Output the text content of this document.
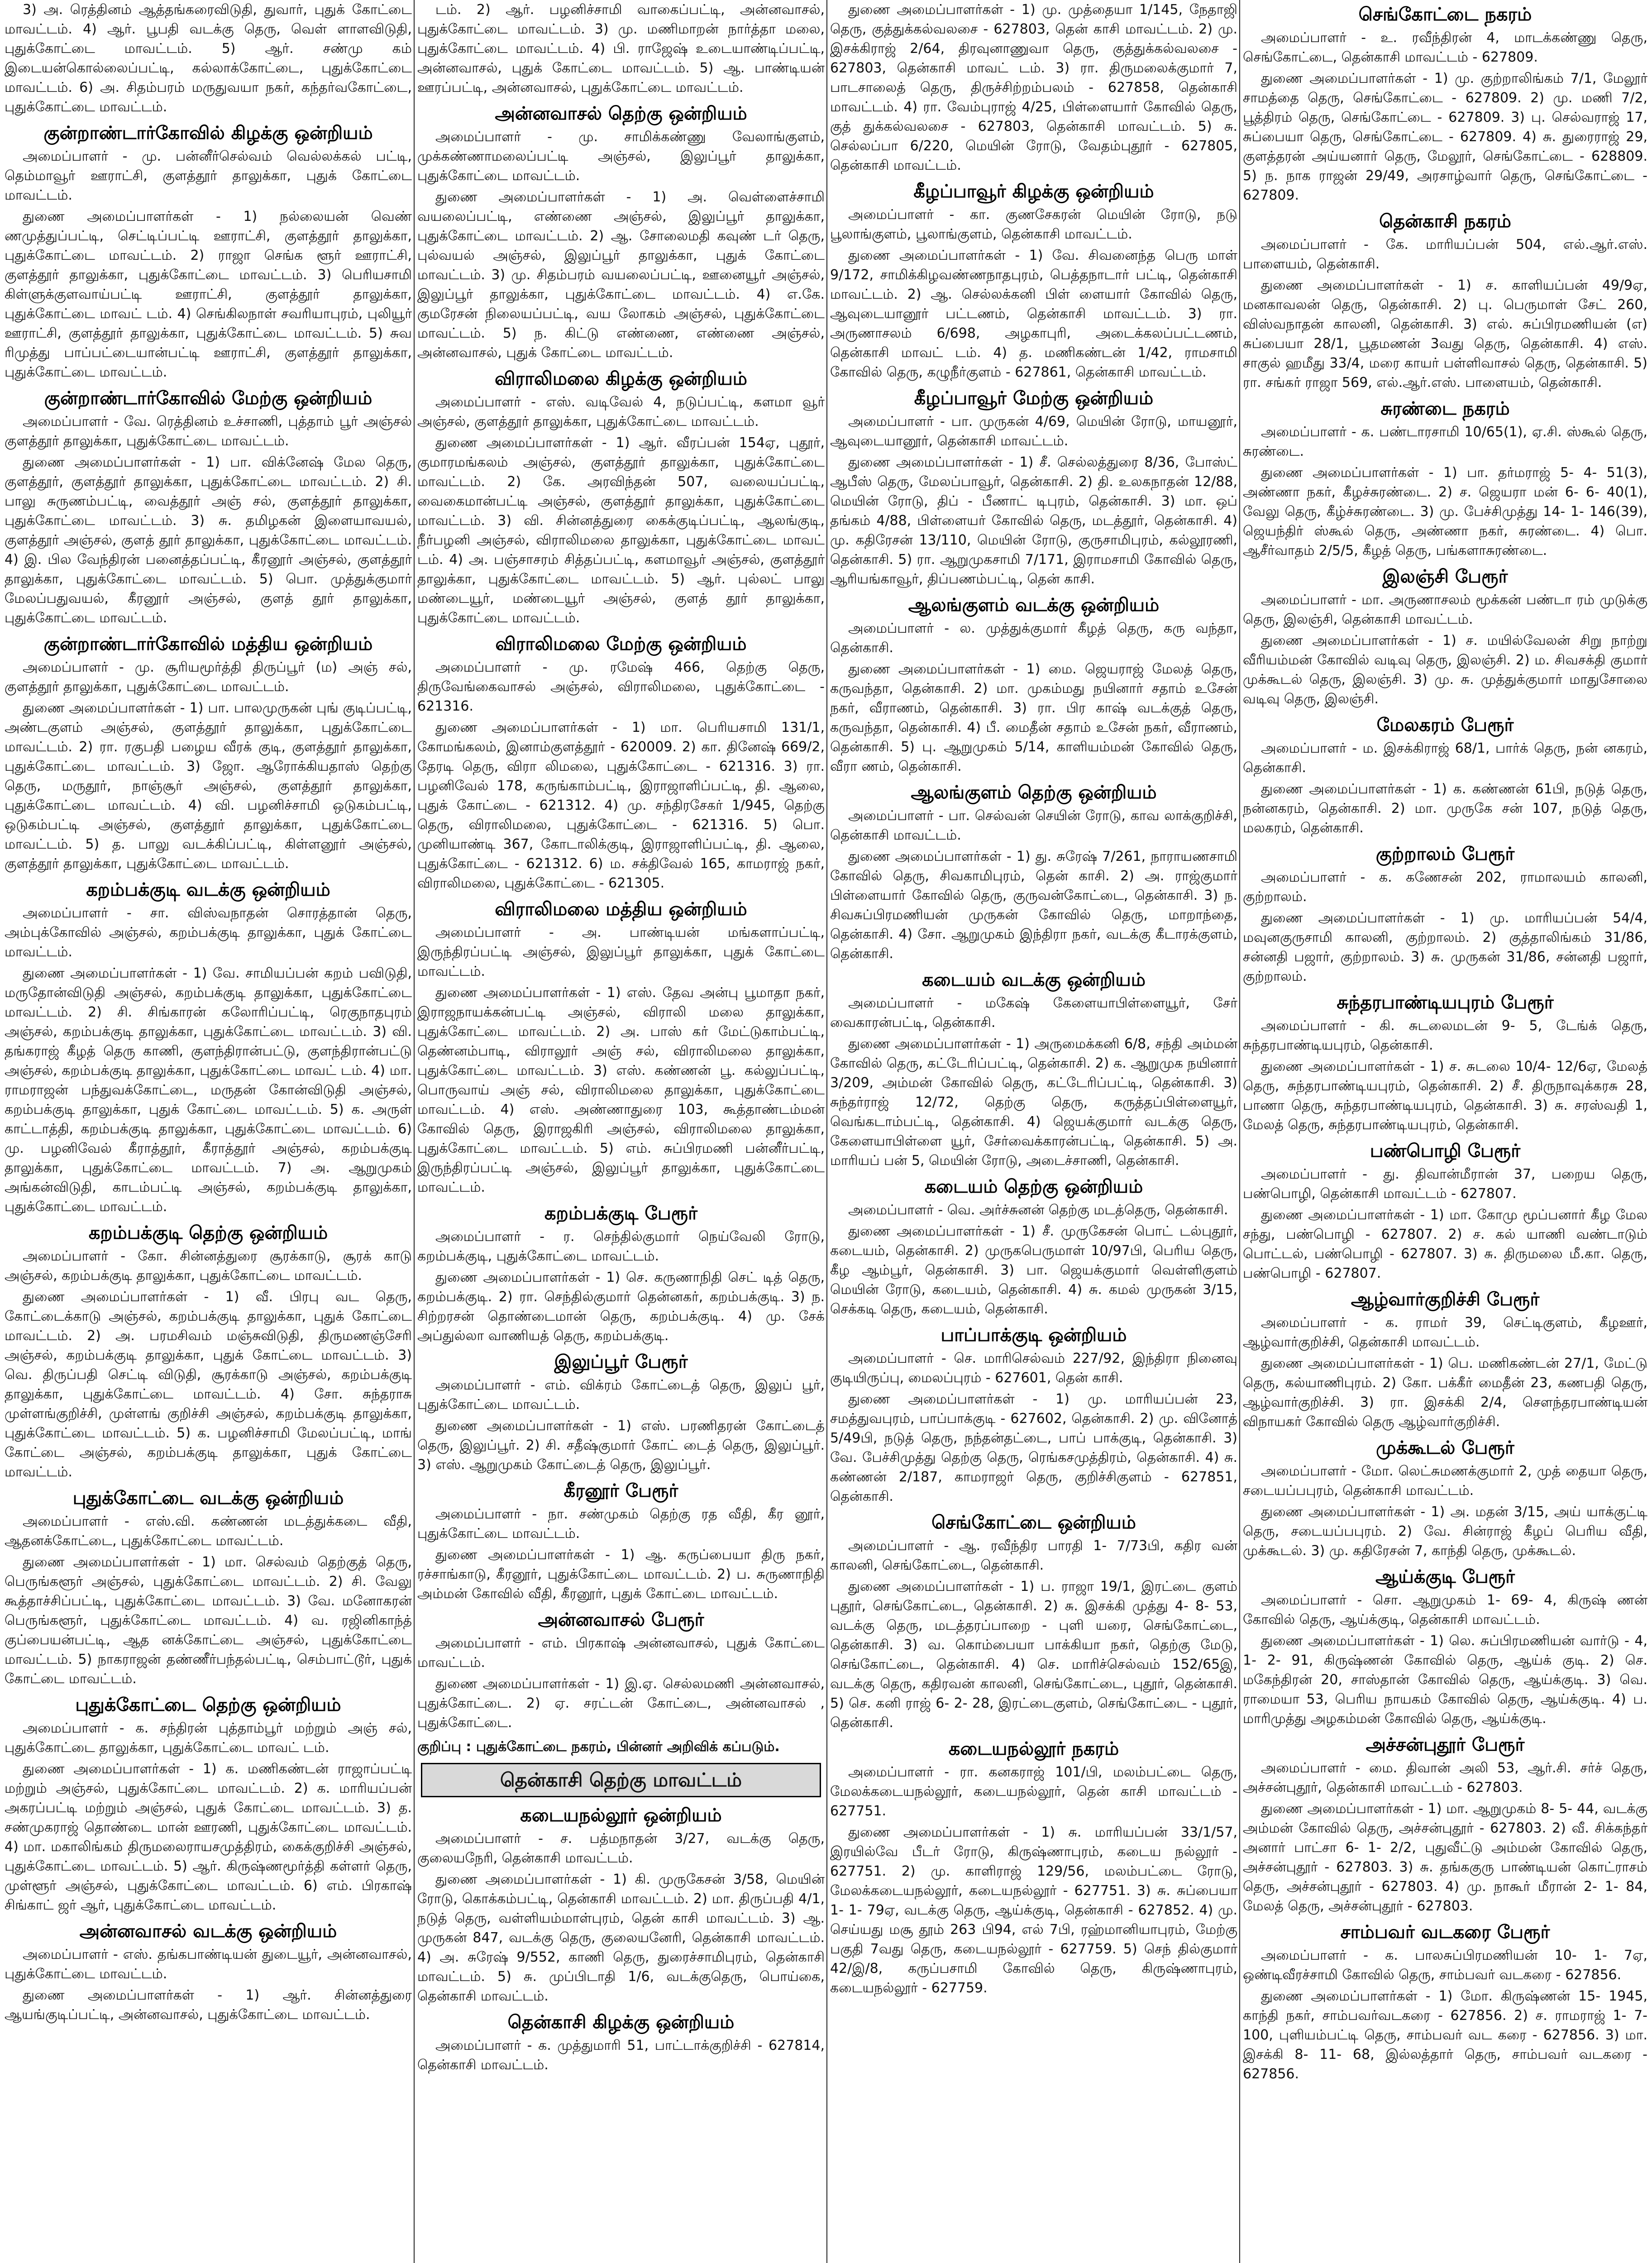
3) அ. ரெத்தினம் ஆத்தங்கரைவிடுதி, துவார், புதுக் கோட்டை மாவட்டம். 4) ஆர். பூபதி வடக்கு தெரு, வெள் ளாளவிடுதி, புதுக்கோட்டை மாவட்டம். 5) ஆர். சண்மு கம் இடையன்கொல்லைப்பட்டி, கல்லாக்கோட்டை, புதுக்கோட்டை மாவட்டம். 6) அ. சிதம்பரம் மருதுவயா நகர், கந்தர்வகோட்டை, புதுக்கோட்டை மாவட்டம்.

குன்றாண்டார்கோவில் கிழக்கு ஒன்றியம்

அமைப்பாளர் - மு. பன்னீர்செல்வம் வெல்லக்கல் பட்டி, தெம்மாவூர் ஊராட்சி, குளத்தூர் தாலுக்கா, புதுக் கோட்டை மாவட்டம்.

துணை அமைப்பாளர்கள் - 1) நல்லையன் வெண் ணமுத்துப்பட்டி, செட்டிப்பட்டி ஊராட்சி, குளத்தூர் தாலுக்கா, புதுக்கோட்டை மாவட்டம். 2) ராஜா செங்க ளூர் ஊராட்சி, குளத்தூர் தாலுக்கா, புதுக்கோட்டை மாவட்டம். 3) பெரியசாமி கிள்ளுக்குளவாய்பட்டி ஊராட்சி, குளத்தூர் தாலுக்கா, புதுக்கோட்டை மாவட் டம். 4) செங்கிலநாள் சவரியாபுரம், புலியூர் ஊராட்சி, குளத்தூர் தாலுக்கா, புதுக்கோட்டை மாவட்டம். 5) சுவ ரிமுத்து பாப்பட்டையான்பட்டி ஊராட்சி, குளத்தூர் தாலுக்கா, புதுக்கோட்டை மாவட்டம்.

குன்றாண்டார்கோவில் மேற்கு ஒன்றியம்

அமைப்பாளர் - வே. ரெத்தினம் உச்சாணி, புத்தாம் பூர் அஞ்சல் குளத்தூர் தாலுக்கா, புதுக்கோட்டை மாவட்டம்.

துணை அமைப்பாளர்கள் - 1) பா. விக்னேஷ் மேல தெரு, குளத்தூர், குளத்தூர் தாலுக்கா, புதுக்கோட்டை மாவட்டம். 2) சி. பாலு சுருணம்பட்டி, வைத்தூர் அஞ் சல், குளத்தூர் தாலுக்கா, புதுக்கோட்டை மாவட்டம். 3) சு. தமிழகன் இளையாவயல், குளத்தூர் அஞ்சல், குளத் தூர் தாலுக்கா, புதுக்கோட்டை மாவட்டம். 4) இ. பில வேந்திரன் பனைத்தப்பட்டி, கீரனூர் அஞ்சல், குளத்தூர் தாலுக்கா, புதுக்கோட்டை மாவட்டம். 5) பொ. முத்துக்குமார் மேலப்பதுவயல், கீரனூர் அஞ்சல், குளத் தூர் தாலுக்கா, புதுக்கோட்டை மாவட்டம்.

குன்றாண்டார்கோவில் மத்திய ஒன்றியம்

அமைப்பாளர் - மு. சூரியமூர்த்தி திருப்பூர் (ம) அஞ் சல், குளத்தூர் தாலுக்கா, புதுக்கோட்டை மாவட்டம்.

துணை அமைப்பாளர்கள் - 1) பா. பாலமுருகன் புங் குடிப்பட்டி, அண்டகுளம் அஞ்சல், குளத்தூர் தாலுக்கா, புதுக்கோட்டை மாவட்டம். 2) ரா. ரகுபதி பழைய வீரக் குடி, குளத்தூர் தாலுக்கா, புதுக்கோட்டை மாவட்டம். 3) ஜோ. ஆரோக்கியதாஸ் தெற்கு தெரு, மருதூர், நாஞ்சூர் அஞ்சல், குளத்தூர் தாலுக்கா, புதுக்கோட்டை மாவட்டம். 4) வி. பழனிச்சாமி ஒடுகம்பட்டி, ஒடுகம்பட்டி அஞ்சல், குளத்தூர் தாலுக்கா, புதுக்கோட்டை மாவட்டம். 5) த. பாலு வடக்கிப்பட்டி, கிள்ளனூர் அஞ்சல், குளத்தூர் தாலுக்கா, புதுக்கோட்டை மாவட்டம்.

கறம்பக்குடி வடக்கு ஒன்றியம்

அமைப்பாளர் - சா. விஸ்வநாதன் சொரத்தான் தெரு, அம்புக்கோவில் அஞ்சல், கறம்பக்குடி தாலுக்கா, புதுக் கோட்டை மாவட்டம்.

துணை அமைப்பாளர்கள் - 1) வே. சாமியப்பன் கறம் பவிடுதி, மருதோன்விடுதி அஞ்சல், கறம்பக்குடி தாலுக்கா, புதுக்கோட்டை மாவட்டம். 2) சி. சிங்காரன் கலோரிப்பட்டி, ரெகுநாதபுரம் அஞ்சல், கறம்பக்குடி தாலுக்கா, புதுக்கோட்டை மாவட்டம். 3) வி. தங்கராஜ் கீழத் தெரு காணி, குளந்திரான்பட்டு, குளந்திரான்பட்டு அஞ்சல், கறம்பக்குடி தாலுக்கா, புதுக்கோட்டை மாவட் டம். 4) மா. ராமராஜன் பந்துவக்கோட்டை, மருதன் கோன்விடுதி அஞ்சல், கறம்பக்குடி தாலுக்கா, புதுக் கோட்டை மாவட்டம். 5) க. அருள் காட்டாத்தி, கறம்பக்குடி தாலுக்கா, புதுக்கோட்டை மாவட்டம். 6) மு. பழனிவேல் கீராத்தூர், கீராத்தூர் அஞ்சல், கறம்பக்குடி தாலுக்கா, புதுக்கோட்டை மாவட்டம். 7) அ. ஆறுமுகம் அங்கன்விடுதி, காடம்பட்டி அஞ்சல், கறம்பக்குடி தாலுக்கா, புதுக்கோட்டை மாவட்டம்.

கறம்பக்குடி தெற்கு ஒன்றியம்

அமைப்பாளர் - கோ. சின்னத்துரை சூரக்காடு, சூரக் காடு அஞ்சல், கறம்பக்குடி தாலுக்கா, புதுக்கோட்டை மாவட்டம்.

துணை அமைப்பாளர்கள் - 1) வீ. பிரபு வட தெரு, கோட்டைக்காடு அஞ்சல், கறம்பக்குடி தாலுக்கா, புதுக் கோட்டை மாவட்டம். 2) அ. பரமசிவம் மஞ்சுவிடுதி, திருமணஞ்சேரி அஞ்சல், கறம்பக்குடி தாலுக்கா, புதுக் கோட்டை மாவட்டம். 3) வெ. திருப்பதி செட்டி விடுதி, சூரக்காடு அஞ்சல், கறம்பக்குடி தாலுக்கா, புதுக்கோட்டை மாவட்டம். 4) சோ. சுந்தராசு முள்ளங்குறிச்சி, முள்ளங் குறிச்சி அஞ்சல், கறம்பக்குடி தாலுக்கா, புதுக்கோட்டை மாவட்டம். 5) க. பழனிச்சாமி மேலப்பட்டி, மாங் கோட்டை அஞ்சல், கறம்பக்குடி தாலுக்கா, புதுக் கோட்டை மாவட்டம்.

புதுக்கோட்டை வடக்கு ஒன்றியம்

அமைப்பாளர் - எஸ்.வி. கண்ணன் மடத்துக்கடை வீதி, ஆதனக்கோட்டை, புதுக்கோட்டை மாவட்டம்.

துணை அமைப்பாளர்கள் - 1) மா. செல்வம் தெற்குத் தெரு, பெருங்களூர் அஞ்சல், புதுக்கோட்டை மாவட்டம். 2) சி. வேலு கூத்தாச்சிப்பட்டி, புதுக்கோட்டை மாவட்டம். 3) வே. மனோகரன் பெருங்களூர், புதுக்கோட்டை மாவட்டம். 4) வ. ரஜினிகாந்த் குப்பையன்பட்டி, ஆத னக்கோட்டை அஞ்சல், புதுக்கோட்டை மாவட்டம். 5) நாகராஜன் தண்ணீர்பந்தல்பட்டி, செம்பாட்டூர், புதுக் கோட்டை மாவட்டம்.

புதுக்கோட்டை தெற்கு ஒன்றியம்

அமைப்பாளர் - க. சந்திரன் புத்தாம்பூர் மற்றும் அஞ் சல், புதுக்கோட்டை தாலுக்கா, புதுக்கோட்டை மாவட் டம்.

துணை அமைப்பாளர்கள் - 1) க. மணிகண்டன் ராஜாப்பட்டி மற்றும் அஞ்சல், புதுக்கோட்டை மாவட்டம். 2) க. மாரியப்பன் அகரப்பட்டி மற்றும் அஞ்சல், புதுக் கோட்டை மாவட்டம். 3) த. சண்முகராஜ் தொண்டை மான் ஊரணி, புதுக்கோட்டை மாவட்டம். 4) மா. மகாலிங்கம் திருமலைராயசமுத்திரம், கைக்குறிச்சி அஞ்சல், புதுக்கோட்டை மாவட்டம். 5) ஆர். கிருஷ்ணமூர்த்தி கள்ளர் தெரு, முள்ளூர் அஞ்சல், புதுக்கோட்டை மாவட்டம். 6) எம். பிரகாஷ் சிங்காட் ஜர் ஆர், புதுக்கோட்டை மாவட்டம்.

அன்னவாசல் வடக்கு ஒன்றியம்

அமைப்பாளர் - எஸ். தங்கபாண்டியன் துடையூர், அன்னவாசல், புதுக்கோட்டை மாவட்டம்.

துணை அமைப்பாளர்கள் - 1) ஆர். சின்னத்துரை ஆயங்குடிப்பட்டி, அன்னவாசல், புதுக்கோட்டை மாவட்டம்.

டம். 2) ஆர். பழனிச்சாமி வாகைப்பட்டி, அன்னவாசல், புதுக்கோட்டை மாவட்டம். 3) மு. மணிமாறன் நார்த்தா மலை, புதுக்கோட்டை மாவட்டம். 4) பி. ராஜேஷ் உடையாண்டிப்பட்டி, அன்னவாசல், புதுக் கோட்டை மாவட்டம். 5) ஆ. பாண்டியன் ஊரப்பட்டி, அன்னவாசல், புதுக்கோட்டை மாவட்டம்.

அன்னவாசல் தெற்கு ஒன்றியம்

அமைப்பாளர் - மு. சாமிக்கண்ணு வேலாங்குளம், முக்கண்ணாமலைப்பட்டி அஞ்சல், இலுப்பூர் தாலுக்கா, புதுக்கோட்டை மாவட்டம்.

துணை அமைப்பாளர்கள் - 1) அ. வெள்ளைச்சாமி வயலைப்பட்டி, எண்ணை அஞ்சல், இலுப்பூர் தாலுக்கா, புதுக்கோட்டை மாவட்டம். 2) ஆ. சோலைமதி கவுண் டர் தெரு, புல்வயல் அஞ்சல், இலுப்பூர் தாலுக்கா, புதுக் கோட்டை மாவட்டம். 3) மு. சிதம்பரம் வயலைப்பட்டி, ஊனையூர் அஞ்சல், இலுப்பூர் தாலுக்கா, புதுக்கோட்டை மாவட்டம். 4) எ.கே. குமரேசன் நிலையப்பட்டி, வய லோகம் அஞ்சல், புதுக்கோட்டை மாவட்டம். 5) ந. கிட்டு எண்ணை, எண்ணை அஞ்சல், அன்னவாசல், புதுக் கோட்டை மாவட்டம்.

விராலிமலை கிழக்கு ஒன்றியம்

அமைப்பாளர் - எஸ். வடிவேல் 4, நடுப்பட்டி, களமா வூர் அஞ்சல், குளத்தூர் தாலுக்கா, புதுக்கோட்டை மாவட்டம்.

துணை அமைப்பாளர்கள் - 1) ஆர். வீரப்பன் 154ஏ, புதூர், குமாரமங்கலம் அஞ்சல், குளத்தூர் தாலுக்கா, புதுக்கோட்டை மாவட்டம். 2) கே. அரவிந்தன் 507, வலையப்பட்டி, வைகைமான்பட்டி அஞ்சல், குளத்தூர் தாலுக்கா, புதுக்கோட்டை மாவட்டம். 3) வி. சின்னத்துரை கைக்குடிப்பட்டி, ஆலங்குடி, நீர்பழனி அஞ்சல், விராலிமலை தாலுக்கா, புதுக்கோட்டை மாவட் டம். 4) அ. பஞ்சாசரம் சித்தப்பட்டி, களமாவூர் அஞ்சல், குளத்தூர் தாலுக்கா, புதுக்கோட்டை மாவட்டம். 5) ஆர். புல்லட் பாலு மண்டையூர், மண்டையூர் அஞ்சல், குளத் தூர் தாலுக்கா, புதுக்கோட்டை மாவட்டம்.

விராலிமலை மேற்கு ஒன்றியம்

அமைப்பாளர் - மு. ரமேஷ் 466, தெற்கு தெரு, திருவேங்கைவாசல் அஞ்சல், விராலிமலை, புதுக்கோட்டை - 621316.

துணை அமைப்பாளர்கள் - 1) மா. பெரியசாமி 131/1, கோமங்கலம், இனாம்குளத்தூர் - 620009. 2) கா. தினேஷ் 669/2, தேரடி தெரு, விரா லிமலை, புதுக்கோட்டை - 621316. 3) ரா. பழனிவேல் 178, கருங்காம்பட்டி, இராஜாளிப்பட்டி, தி. ஆலை, புதுக் கோட்டை - 621312. 4) மு. சந்திரசேகர் 1/945, தெற்கு தெரு, விராலிமலை, புதுக்கோட்டை - 621316. 5) பொ. முனியாண்டி 367, கோடாலிக்குடி, இராஜாளிப்பட்டி, தி. ஆலை, புதுக்கோட்டை - 621312. 6) ம. சக்திவேல் 165, காமராஜ் நகர், விராலிமலை, புதுக்கோட்டை - 621305.

விராலிமலை மத்திய ஒன்றியம்

அமைப்பாளர் - அ. பாண்டியன் மங்களாப்பட்டி, இருந்திரப்பட்டி அஞ்சல், இலுப்பூர் தாலுக்கா, புதுக் கோட்டை மாவட்டம்.

துணை அமைப்பாளர்கள் - 1) எஸ். தேவ அன்பு பூமாதா நகர், இராஜநாயக்கன்பட்டி அஞ்சல், விராலி மலை தாலுக்கா, புதுக்கோட்டை மாவட்டம். 2) அ. பாஸ் கர் மேட்டுகாம்பட்டி, தெண்னம்பாடி, விராலூர் அஞ் சல், விராலிமலை தாலுக்கா, புதுக்கோட்டை மாவட்டம். 3) எஸ். கண்ணன் பூ. கல்லுப்பட்டி, பொருவாய் அஞ் சல், விராலிமலை தாலுக்கா, புதுக்கோட்டை மாவட்டம். 4) எஸ். அண்ணாதுரை 103, கூத்தாண்டம்மன் கோவில் தெரு, இராஜகிரி அஞ்சல், விராலிமலை தாலுக்கா, புதுக்கோட்டை மாவட்டம். 5) எம். சுப்பிரமணி பன்னீர்பட்டி, இருந்திரப்பட்டி அஞ்சல், இலுப்பூர் தாலுக்கா, புதுக்கோட்டை மாவட்டம்.

கறம்பக்குடி பேரூர்

அமைப்பாளர் - ர. செந்தில்குமார் நெய்வேலி ரோடு, கறம்பக்குடி, புதுக்கோட்டை மாவட்டம்.

துணை அமைப்பாளர்கள் - 1) செ. கருணாநிதி செட் டித் தெரு, கறம்பக்குடி. 2) ரா. செந்தில்குமார் தென்னகர், கறம்பக்குடி. 3) ந. சிற்றரசன் தொண்டைமான் தெரு, கறம்பக்குடி. 4) மு. சேக் அப்துல்லா வாணியத் தெரு, கறம்பக்குடி.

இலுப்பூர் பேரூர்

அமைப்பாளர் - எம். விக்ரம் கோட்டைத் தெரு, இலுப் பூர், புதுக்கோட்டை மாவட்டம்.

துணை அமைப்பாளர்கள் - 1) எஸ். பரணிதரன் கோட்டைத் தெரு, இலுப்பூர். 2) சி. சதீஷ்குமார் கோட் டைத் தெரு, இலுப்பூர். 3) எஸ். ஆறுமுகம் கோட்டைத் தெரு, இலுப்பூர்.

கீரனூர் பேரூர்

அமைப்பாளர் - நா. சண்முகம் தெற்கு ரத வீதி, கீர னூர், புதுக்கோட்டை மாவட்டம்.

துணை அமைப்பாளர்கள் - 1) ஆ. கருப்பையா திரு நகர், ரச்சாங்காடு, கீரனூர், புதுக்கோட்டை மாவட்டம். 2) ப. சுருணாநிதி அம்மன் கோவில் வீதி, கீரனூர், புதுக் கோட்டை மாவட்டம்.

அன்னவாசல் பேரூர்

அமைப்பாளர் - எம். பிரகாஷ் அன்னவாசல், புதுக் கோட்டை மாவட்டம்.

துணை அமைப்பாளர்கள் - 1) இ.ஏ. செல்லமணி அன்னவாசல், புதுக்கோட்டை. 2) ஏ. சரட்டன் கோட்டை, அன்னவாசல் , புதுக்கோட்டை.

குறிப்பு : புதுக்கோட்டை நகரம், பின்னர் அறிவிக் கப்படும்.
தென்காசி தெற்கு மாவட்டம்
கடையநல்லூர் ஒன்றியம்

அமைப்பாளர் - ச. பத்மநாதன் 3/27, வடக்கு தெரு, குலையநேரி, தென்காசி மாவட்டம்.

துணை அமைப்பாளர்கள் - 1) கி. முருகேசன் 3/58, மெயின் ரோடு, கொக்கம்பட்டி, தென்காசி மாவட்டம். 2) மா. திருப்பதி 4/1, நடுத் தெரு, வள்ளியம்மாள்புரம், தென் காசி மாவட்டம். 3) ஆ. முருகன் 847, வடக்கு தெரு, குலையனேரி, தென்காசி மாவட்டம். 4) அ. சுரேஷ் 9/552, காணி தெரு, துரைச்சாமிபுரம், தென்காசி மாவட்டம். 5) சு. முப்பிடாதி 1/6, வடக்குதெரு, பொய்கை, தென்காசி மாவட்டம்.

தென்காசி கிழக்கு ஒன்றியம்

அமைப்பாளர் - க. முத்துமாரி 51, பாட்டாக்குறிச்சி - 627814, தென்காசி மாவட்டம்.

துணை அமைப்பாளர்கள் - 1) மு. முத்தையா 1/145, நேதாஜி தெரு, குத்துக்கல்வலசை - 627803, தென் காசி மாவட்டம். 2) மு. இசக்கிராஜ் 2/64, திரவுனாணுவா தெரு, குத்துக்கல்வலசை - 627803, தென்காசி மாவட் டம். 3) ரா. திருமலைக்குமார் 7, பாடசாலைத் தெரு, திருச்சிற்றம்பலம் - 627858, தென்காசி மாவட்டம். 4) ரா. வேம்புராஜ் 4/25, பிள்ளையார் கோவில் தெரு, குத் துக்கல்வலசை - 627803, தென்காசி மாவட்டம். 5) சு. செல்லப்பா 6/220, மெயின் ரோடு, வேதம்புதூர் - 627805, தென்காசி மாவட்டம்.

கீழப்பாவூர் கிழக்கு ஒன்றியம்

அமைப்பாளர் - கா. குணசேகரன் மெயின் ரோடு, நடு பூலாங்குளம், பூலாங்குளம், தென்காசி மாவட்டம்.

துணை அமைப்பாளர்கள் - 1) வே. சிவனைந்த பெரு மாள் 9/172, சாமிக்கிழவண்ணநாதபுரம், பெத்தநாடார் பட்டி, தென்காசி மாவட்டம். 2) ஆ. செல்லக்கனி பிள் ளையார் கோவில் தெரு, ஆவுடையானூர் பட்டணம், தென்காசி மாவட்டம். 3) ரா. அருணாசலம் 6/698, அழகாபுரி, அடைக்கலப்பட்டணம், தென்காசி மாவட் டம். 4) த. மணிகண்டன் 1/42, ராமசாமி கோவில் தெரு, கழுநீர்குளம் - 627861, தென்காசி மாவட்டம்.

கீழப்பாவூர் மேற்கு ஒன்றியம்

அமைப்பாளர் - பா. முருகன் 4/69, மெயின் ரோடு, மாயனூர், ஆவுடையானூர், தென்காசி மாவட்டம்.

துணை அமைப்பாளர்கள் - 1) சீ. செல்லத்துரை 8/36, போஸ்ட் ஆபீஸ் தெரு, மேலப்பாவூர், தென்காசி. 2) தி. உலகநாதன் 12/88, மெயின் ரோடு, திப் - பீணாட் டிபுரம், தென்காசி. 3) மா. ஒப் தங்கம் 4/88, பிள்ளையர் கோவில் தெரு, மடத்தூர், தென்காசி. 4) மு. கதிரேசன் 13/110, மெயின் ரோடு, குருசாமிபுரம், கல்லூரணி, தென்காசி. 5) ரா. ஆறுமுகசாமி 7/171, இராமசாமி கோவில் தெரு, ஆரியங்காவூர், திப்பணம்பட்டி, தென் காசி.

ஆலங்குளம் வடக்கு ஒன்றியம்

அமைப்பாளர் - ல. முத்துக்குமார் கீழத் தெரு, கரு வந்தா, தென்காசி.

துணை அமைப்பாளர்கள் - 1) மை. ஜெயராஜ் மேலத் தெரு, கருவந்தா, தென்காசி. 2) மா. முகம்மது நயினார் சதாம் உசேன் நகர், வீராணம், தென்காசி. 3) ரா. பிர காஷ் வடக்குத் தெரு, கருவந்தா, தென்காசி. 4) பீ. மைதீன் சதாம் உசேன் நகர், வீராணம், தென்காசி. 5) பு. ஆறுமுகம் 5/14, காளியம்மன் கோவில் தெரு, வீரா ணம், தென்காசி.

ஆலங்குளம் தெற்கு ஒன்றியம்

அமைப்பாளர் - பா. செல்வன் செயின் ரோடு, காவ லாக்குறிச்சி, தென்காசி மாவட்டம்.

துணை அமைப்பாளர்கள் - 1) து. சுரேஷ் 7/261, நாராயணசாமி கோவில் தெரு, சிவகாமிபுரம், தென் காசி. 2) அ. ராஜ்குமார் பிள்ளையார் கோவில் தெரு, குருவன்கோட்டை, தென்காசி. 3) ந. சிவசுப்பிரமணியன் முருகன் கோவில் தெரு, மாறாந்தை, தென்காசி. 4) சோ. ஆறுமுகம் இந்திரா நகர், வடக்கு கீடாரக்குளம், தென்காசி.

கடையம் வடக்கு ஒன்றியம்

அமைப்பாளர் - மகேஷ் கேளையாபிள்ளையூர், சேர் வைகாரன்பட்டி, தென்காசி.

துணை அமைப்பாளர்கள் - 1) அருமைக்கனி 6/8, சந்தி அம்மன் கோவில் தெரு, கட்டேரிப்பட்டி, தென்காசி. 2) க. ஆறுமுக நயினார் 3/209, அம்மன் கோவில் தெரு, கட்டேரிப்பட்டி, தென்காசி. 3) சுந்தர்ராஜ் 12/72, தெற்கு தெரு, கருத்தப்பிள்ளையூர், வெங்கடாம்பட்டி, தென்காசி. 4) ஜெயக்குமார் வடக்கு தெரு, கேளையாபிள்ளை யூர், சேர்வைக்காரன்பட்டி, தென்காசி. 5) அ. மாரியப் பன் 5, மெயின் ரோடு, அடைச்சாணி, தென்காசி.

கடையம் தெற்கு ஒன்றியம்

அமைப்பாளர் - வெ. அர்ச்சுனன் தெற்கு மடத்தெரு, தென்காசி.

துணை அமைப்பாளர்கள் - 1) சீ. முருகேசன் பொட் டல்புதூர், கடையம், தென்காசி. 2) முருகபெருமாள் 10/97பி, பெரிய தெரு, கீழ ஆம்பூர், தென்காசி. 3) பா. ஜெயக்குமார் வெள்ளிகுளம் மெயின் ரோடு, கடையம், தென்காசி. 4) சு. கமல் முருகன் 3/15, செக்கடி தெரு, கடையம், தென்காசி.

பாப்பாக்குடி ஒன்றியம்

அமைப்பாளர் - செ. மாரிசெல்வம் 227/92, இந்திரா நினைவு குடியிருப்பு, மைலப்புரம் - 627601, தென் காசி.

துணை அமைப்பாளர்கள் - 1) மு. மாரியப்பன் 23, சமத்துவபுரம், பாப்பாக்குடி - 627602, தென்காசி. 2) மு. வினோத் 5/49பி, நடுத் தெரு, நந்தன்தட்டை, பாப் பாக்குடி, தென்காசி. 3) வே. பேச்சிமுத்து தெற்கு தெரு, ரெங்கசமுத்திரம், தென்காசி. 4) சு. கண்ணன் 2/187, காமராஜர் தெரு, குறிச்சிகுளம் - 627851, தென்காசி.

செங்கோட்டை ஒன்றியம்

அமைப்பாளர் - ஆ. ரவீந்திர பாரதி 1- 7/73பி, கதிர வன் காலனி, செங்கோட்டை, தென்காசி.

துணை அமைப்பாளர்கள் - 1) ப. ராஜா 19/1, இரட்டை குளம் புதூர், செங்கோட்டை, தென்காசி. 2) சு. இசக்கி முத்து 4- 8- 53, வடக்கு தெரு, மடத்தரப்பாறை - புளி யரை, செங்கோட்டை, தென்காசி. 3) வ. கொம்பையா பாக்கியா நகர், தெற்கு மேடு, செங்கோட்டை, தென்காசி. 4) செ. மாரிச்செல்வம் 152/65இ, வடக்கு தெரு, கதிரவன் காலனி, செங்கோட்டை, புதூர், தென்காசி. 5) செ. கனி ராஜ் 6- 2- 28, இரட்டைகுளம், செங்கோட்டை - புதூர், தென்காசி.

கடையநல்லூர் நகரம்

அமைப்பாளர் - ரா. கனகராஜ் 101/பி, மலம்பட்டை தெரு, மேலக்கடையநல்லூர், கடையநல்லூர், தென் காசி மாவட்டம் - 627751.

துணை அமைப்பாளர்கள் - 1) சு. மாரியப்பன் 33/1/57, இரயில்வே பீடர் ரோடு, கிருஷ்ணாபுரம், கடைய நல்லூர் - 627751. 2) மு. காளிராஜ் 129/56, மலம்பட்டை ரோடு, மேலக்கடையநல்லூர், கடையநல்லூர் - 627751. 3) சு. சுப்பையா 1- 1- 79ஏ, வடக்கு தெரு, ஆய்க்குடி, தென்காசி - 627852. 4) மு. செய்யது மசூ தூம் 263 பி94, எல் 7பி, ரஹ்மானியாபுரம், மேற்கு பகுதி 7வது தெரு, கடையநல்லூர் - 627759. 5) செந் தில்குமார் 42/இ/8, கருப்பசாமி கோவில் தெரு, கிருஷ்ணாபுரம், கடையநல்லூர் - 627759.

செங்கோட்டை நகரம்

அமைப்பாளர் - உ. ரவீந்திரன் 4, மாடக்கண்ணு தெரு, செங்கோட்டை, தென்காசி மாவட்டம் - 627809.

துணை அமைப்பாளர்கள் - 1) மு. குற்றாலிங்கம் 7/1, மேலூர் சாமத்தை தெரு, செங்கோட்டை - 627809. 2) மு. மணி 7/2, பூத்திரம் தெரு, செங்கோட்டை - 627809. 3) பு. செல்வராஜ் 17, சுப்பையா தெரு, செங்கோட்டை - 627809. 4) சு. துரைராஜ் 29, குளத்தரன் அய்யனார் தெரு, மேலூர், செங்கோட்டை - 628809. 5) ந. நாக ராஜன் 29/49, அரசாழ்வார் தெரு, செங்கோட்டை - 627809.

தென்காசி நகரம்

அமைப்பாளர் - கே. மாரியப்பன் 504, எல்.ஆர்.எஸ். பாளையம், தென்காசி.

துணை அமைப்பாளர்கள் - 1) ச. காளியப்பன் 49/9ஏ, மனகாவலன் தெரு, தென்காசி. 2) பு. பெருமாள் சேட் 260, விஸ்வநாதன் காலனி, தென்காசி. 3) எல். சுப்பிரமணியன் (எ) சுப்பையா 28/1, பூதமணன் 3வது தெரு, தென்காசி. 4) எஸ். சாகுல் ஹமீது 33/4, மரை காயர் பள்ளிவாசல் தெரு, தென்காசி. 5) ரா. சங்கர் ராஜா 569, எல்.ஆர்.எஸ். பாளையம், தென்காசி.

சுரண்டை நகரம்

அமைப்பாளர் - க. பண்டாரசாமி 10/65(1), ஏ.சி. ஸ்கூல் தெரு, சுரண்டை.

துணை அமைப்பாளர்கள் - 1) பா. தர்மராஜ் 5- 4- 51(3), அண்ணா நகர், கீழச்சுரண்டை. 2) ச. ஜெயரா மன் 6- 6- 40(1), வேலு தெரு, கீழ்ச்சுரண்டை. 3) மு. பேச்சிமுத்து 14- 1- 146(39), ஜெயந்திர் ஸ்கூல் தெரு, அண்ணா நகர், சுரண்டை. 4) பொ. ஆசீர்வாதம் 2/5/5, கீழத் தெரு, பங்களாசுரண்டை.

இலஞ்சி பேரூர்

அமைப்பாளர் - மா. அருணாசலம் மூக்கன் பண்டா ரம் முடுக்கு தெரு, இலஞ்சி, தென்காசி மாவட்டம்.

துணை அமைப்பாளர்கள் - 1) ச. மயில்வேலன் சிறு நாற்று வீரியம்மன் கோவில் வடிவு தெரு, இலஞ்சி. 2) ம. சிவசக்தி குமார் முக்கூடல் தெரு, இலஞ்சி. 3) மு. சு. முத்துக்குமார் மாதுசோலை வடிவு தெரு, இலஞ்சி.

மேலகரம் பேரூர்

அமைப்பாளர் - ம. இசக்கிராஜ் 68/1, பார்க் தெரு, நன் னகரம், தென்காசி.

துணை அமைப்பாளர்கள் - 1) க. கண்ணன் 61பி, நடுத் தெரு, நன்னகரம், தென்காசி. 2) மா. முருகே சன் 107, நடுத் தெரு, மலகரம், தென்காசி.

குற்றாலம் பேரூர்

அமைப்பாளர் - க. கணேசன் 202, ராமாலயம் காலனி, குற்றாலம்.

துணை அமைப்பாளர்கள் - 1) மு. மாரியப்பன் 54/4, மவுனகுருசாமி காலனி, குற்றாலம். 2) குத்தாலிங்கம் 31/86, சன்னதி பஜார், குற்றாலம். 3) சு. முருகன் 31/86, சன்னதி பஜார், குற்றாலம்.

சுந்தரபாண்டியபுரம் பேரூர்

அமைப்பாளர் - கி. சுடலைமடன் 9- 5, டேங்க் தெரு, சுந்தரபாண்டியபுரம், தென்காசி.

துணை அமைப்பாளர்கள் - 1) ச. சுடலை 10/4- 12/6ஏ, மேலத் தெரு, சுந்தரபாண்டியபுரம், தென்காசி. 2) சீ. திருநாவுக்கரசு 28, பாணா தெரு, சுந்தரபாண்டியபுரம், தென்காசி. 3) சு. சரஸ்வதி 1, மேலத் தெரு, சுந்தரபாண்டியபுரம், தென்காசி.

பண்பொழி பேரூர்

அமைப்பாளர் - து. திவான்மீரான் 37, பறைய தெரு, பண்பொழி, தென்காசி மாவட்டம் - 627807.

துணை அமைப்பாளர்கள் - 1) மா. கோமு மூப்பனார் கீழ மேல சந்து, பண்பொழி - 627807. 2) ச. கல் யாணி வண்டாடும் பொட்டல், பண்பொழி - 627807. 3) சு. திருமலை மீ.கா. தெரு, பண்பொழி - 627807.

ஆழ்வார்குறிச்சி பேரூர்

அமைப்பாளர் - க. ராமர் 39, செட்டிகுளம், கீழஊர், ஆழ்வார்குறிச்சி, தென்காசி மாவட்டம்.

துணை அமைப்பாளர்கள் - 1) பெ. மணிகண்டன் 27/1, மேட்டு தெரு, கல்யாணிபுரம். 2) கோ. பக்கீர் மைதீன் 23, கணபதி தெரு, ஆழ்வார்குறிச்சி. 3) ரா. இசக்கி 2/4, சௌந்தரபாண்டியன் விநாயகர் கோவில் தெரு ஆழ்வார்குறிச்சி.

முக்கூடல் பேரூர்

அமைப்பாளர் - மோ. லெட்சுமணக்குமார் 2, முத் தையா தெரு, சடையப்பபுரம், தென்காசி மாவட்டம்.

துணை அமைப்பாளர்கள் - 1) அ. மதன் 3/15, அய் யாக்குட்டி தெரு, சடையப்பபுரம். 2) வே. சின்ராஜ் கீழப் பெரிய வீதி, முக்கூடல். 3) மு. கதிரேசன் 7, காந்தி தெரு, முக்கூடல்.

ஆய்க்குடி பேரூர்

அமைப்பாளர் - சொ. ஆறுமுகம் 1- 69- 4, கிருஷ் ணன் கோவில் தெரு, ஆய்க்குடி, தென்காசி மாவட்டம்.

துணை அமைப்பாளர்கள் - 1) லெ. சுப்பிரமணியன் வார்டு - 4, 1- 2- 91, கிருஷ்ணன் கோவில் தெரு, ஆய்க் குடி. 2) செ. மகேந்திரன் 20, சாஸ்தான் கோவில் தெரு, ஆய்க்குடி. 3) வெ. ராமையா 53, பெரிய நாயகம் கோவில் தெரு, ஆய்க்குடி. 4) ப. மாரிமுத்து அழகம்மன் கோவில் தெரு, ஆய்க்குடி.

அச்சன்புதூர் பேரூர்

அமைப்பாளர் - மை. திவான் அலி 53, ஆர்.சி. சர்ச் தெரு, அச்சன்புதூர், தென்காசி மாவட்டம் - 627803.

துணை அமைப்பாளர்கள் - 1) மா. ஆறுமுகம் 8- 5- 44, வடக்கு அம்மன் கோவில் தெரு, அச்சன்புதூர் - 627803. 2) வீ. சிக்கந்தர் அனார் பாட்சா 6- 1- 2/2, புதுவீட்டு அம்மன் கோவில் தெரு, அச்சன்புதூர் - 627803. 3) சு. தங்ககுரு பாண்டியன் கொட்ராசம் தெரு, அச்சன்புதூர் - 627803. 4) மு. நாகூர் மீரான் 2- 1- 84, மேலத் தெரு, அச்சன்புதூர் - 627803.

சாம்பவர் வடகரை பேரூர்

அமைப்பாளர் - க. பாலசுப்பிரமணியன் 10- 1- 7ஏ, ஒண்டிவீரச்சாமி கோவில் தெரு, சாம்பவர் வடகரை - 627856.

துணை அமைப்பாளர்கள் - 1) மோ. கிருஷ்ணன் 15- 1945, காந்தி நகர், சாம்பவர்வடகரை - 627856. 2) ச. ராமராஜ் 1- 7- 100, புளியம்பட்டி தெரு, சாம்பவர் வட கரை - 627856. 3) மா. இசக்கி 8- 11- 68, இல்லத்தார் தெரு, சாம்பவர் வடகரை - 627856.
